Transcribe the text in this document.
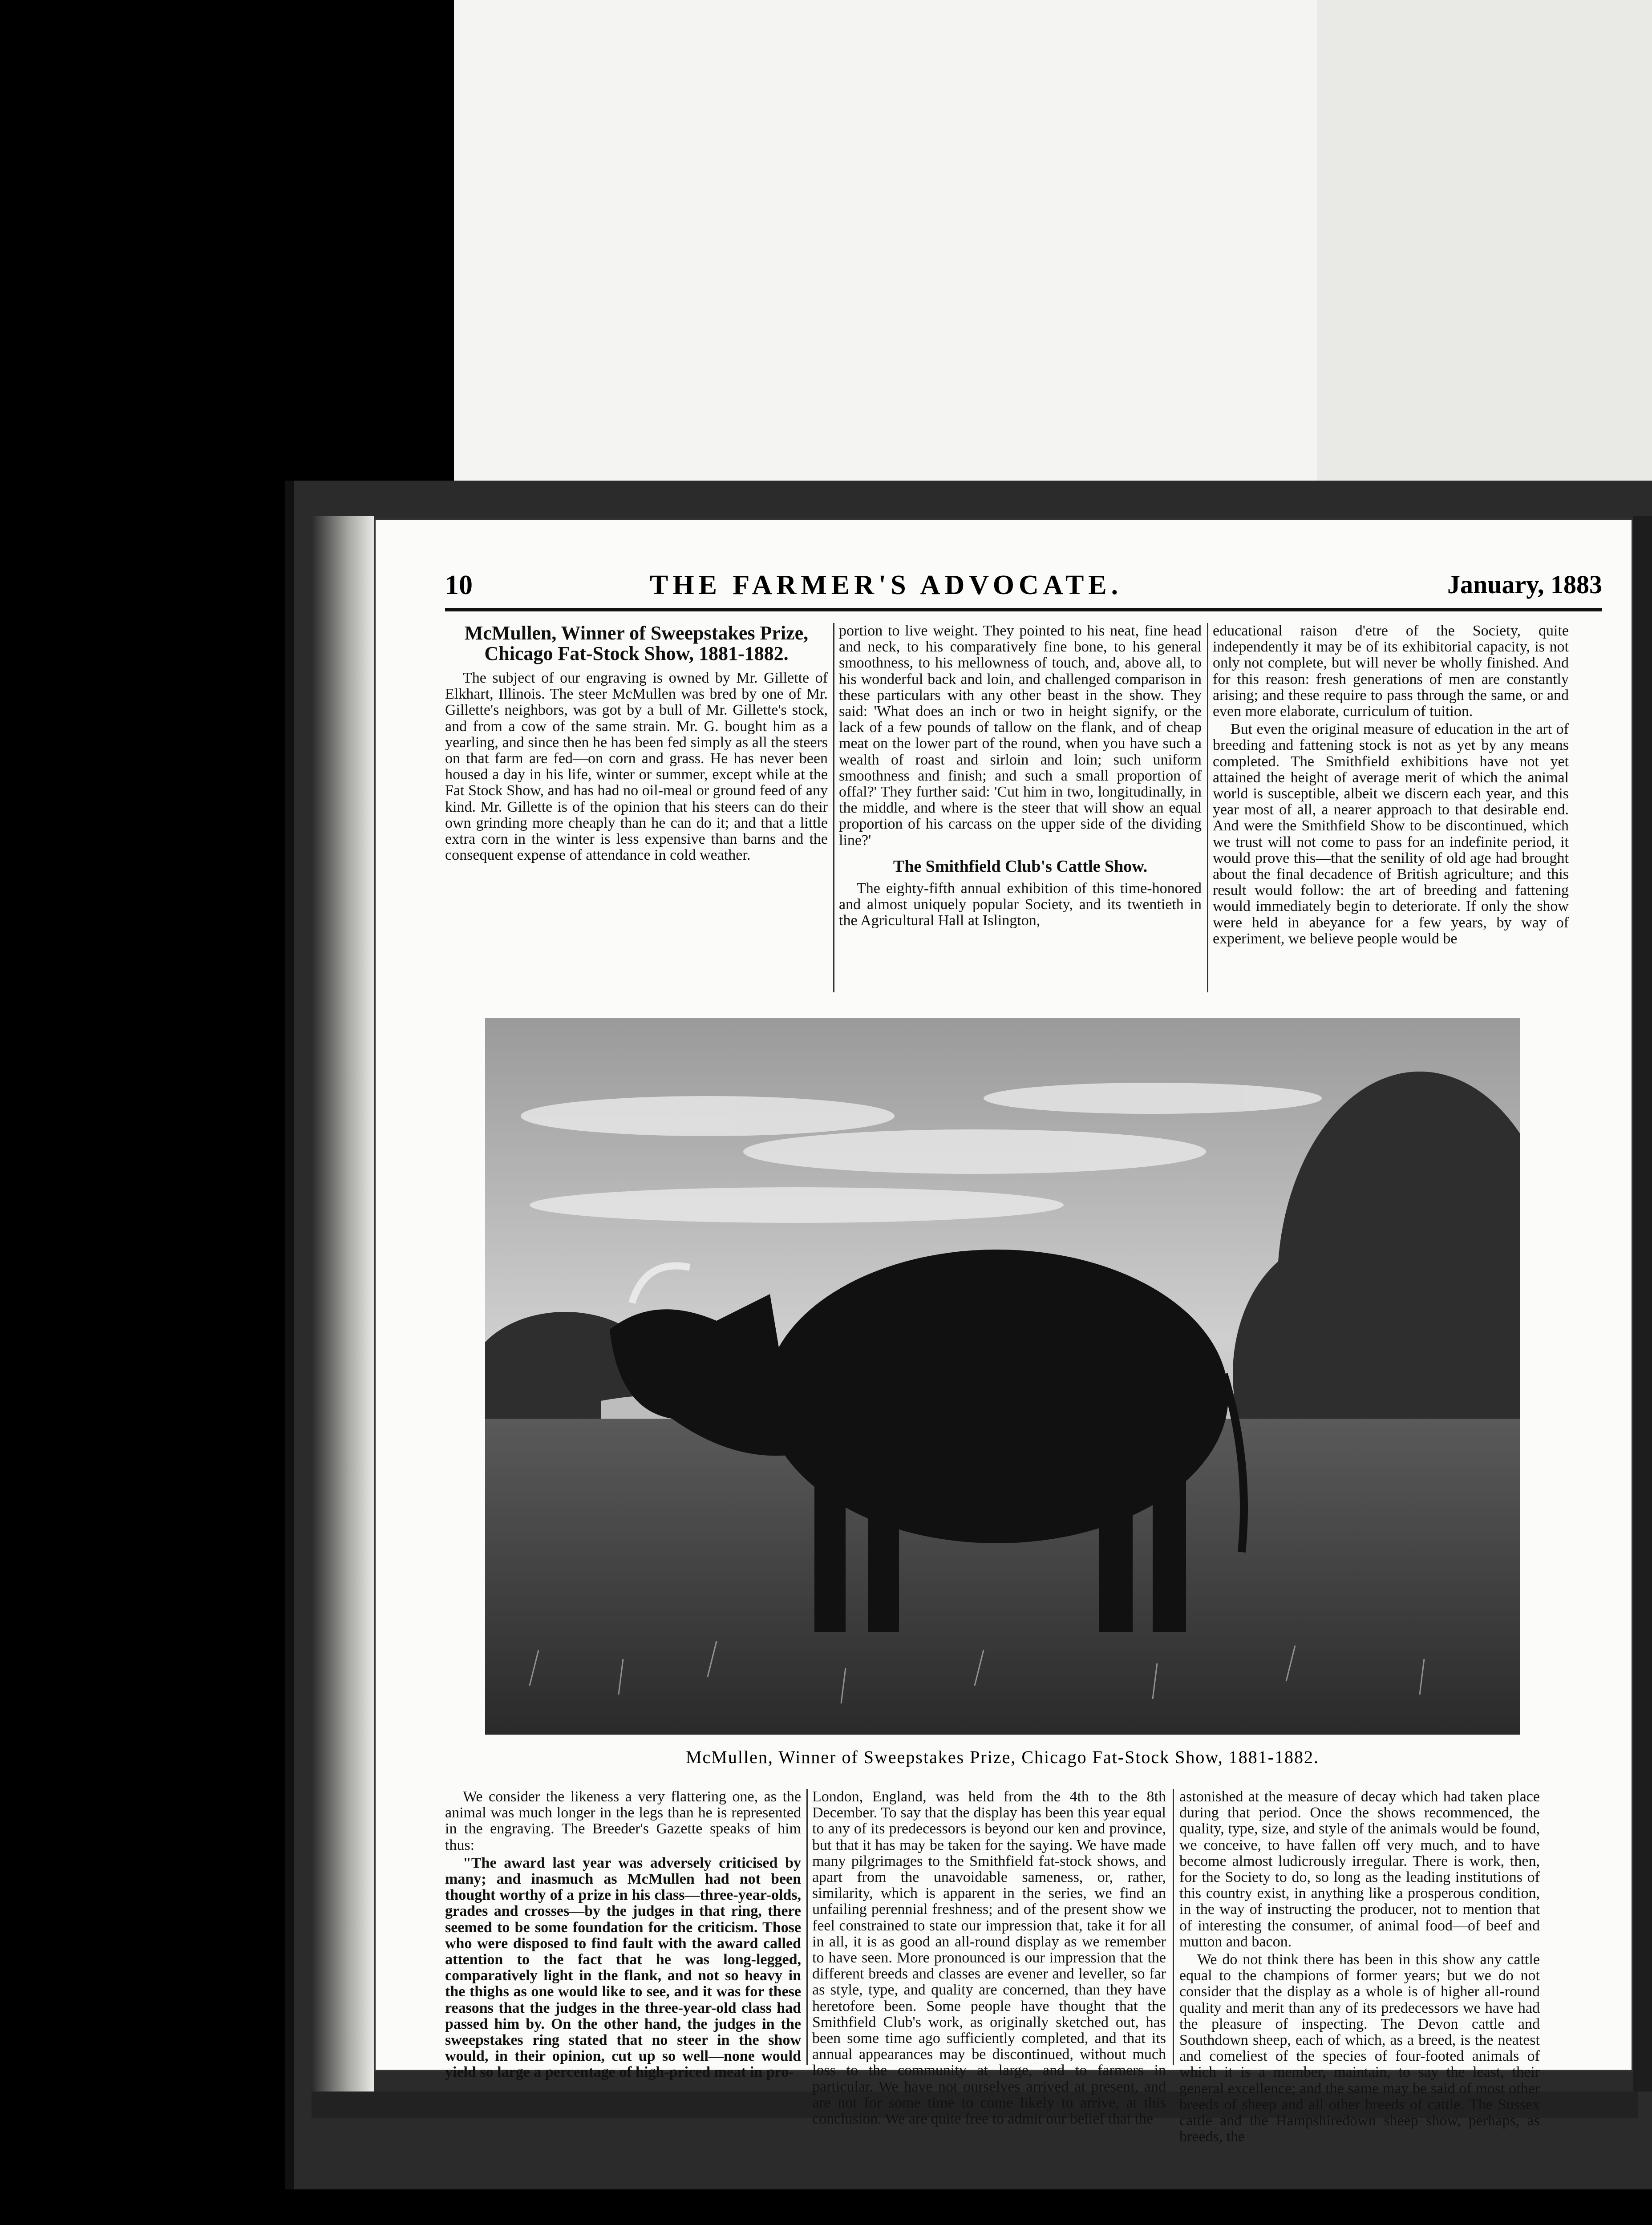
10	THE FARMER'S ADVOCATE.	January, 1883
McMullen, Winner of Sweepstakes Prize, Chicago Fat-Stock Show, 1881-1882.

The subject of our engraving is owned by Mr. Gillette of Elkhart, Illinois. The steer McMullen was bred by one of Mr. Gillette's neighbors, was got by a bull of Mr. Gillette's stock, and from a cow of the same strain. Mr. G. bought him as a yearling, and since then he has been fed simply as all the steers on that farm are fed—on corn and grass. He has never been housed a day in his life, winter or summer, except while at the Fat Stock Show, and has had no oil-meal or ground feed of any kind. Mr. Gillette is of the opinion that his steers can do their own grinding more cheaply than he can do it; and that a little extra corn in the winter is less expensive than barns and the consequent expense of attendance in cold weather.

portion to live weight. They pointed to his neat, fine head and neck, to his comparatively fine bone, to his general smoothness, to his mellowness of touch, and, above all, to his wonderful back and loin, and challenged comparison in these particulars with any other beast in the show. They said: 'What does an inch or two in height signify, or the lack of a few pounds of tallow on the flank, and of cheap meat on the lower part of the round, when you have such a wealth of roast and sirloin and loin; such uniform smoothness and finish; and such a small proportion of offal?' They further said: 'Cut him in two, longitudinally, in the middle, and where is the steer that will show an equal proportion of his carcass on the upper side of the dividing line?'

The Smithfield Club's Cattle Show.

The eighty-fifth annual exhibition of this time-honored and almost uniquely popular Society, and its twentieth in the Agricultural Hall at Islington,

educational raison d'etre of the Society, quite independently it may be of its exhibitorial capacity, is not only not complete, but will never be wholly finished. And for this reason: fresh generations of men are constantly arising; and these require to pass through the same, or and even more elaborate, curriculum of tuition.

But even the original measure of education in the art of breeding and fattening stock is not as yet by any means completed. The Smithfield exhibitions have not yet attained the height of average merit of which the animal world is susceptible, albeit we discern each year, and this year most of all, a nearer approach to that desirable end. And were the Smithfield Show to be discontinued, which we trust will not come to pass for an indefinite period, it would prove this—that the senility of old age had brought about the final decadence of British agriculture; and this result would follow: the art of breeding and fattening would immediately begin to deteriorate. If only the show were held in abeyance for a few years, by way of experiment, we believe people would be

McMullen, Winner of Sweepstakes Prize, Chicago Fat-Stock Show, 1881-1882.

We consider the likeness a very flattering one, as the animal was much longer in the legs than he is represented in the engraving. The Breeder's Gazette speaks of him thus:

"The award last year was adversely criticised by many; and inasmuch as McMullen had not been thought worthy of a prize in his class—three-year-olds, grades and crosses—by the judges in that ring, there seemed to be some foundation for the criticism. Those who were disposed to find fault with the award called attention to the fact that he was long-legged, comparatively light in the flank, and not so heavy in the thighs as one would like to see, and it was for these reasons that the judges in the three-year-old class had passed him by. On the other hand, the judges in the sweepstakes ring stated that no steer in the show would, in their opinion, cut up so well—none would yield so large a percentage of high-priced meat in pro-

London, England, was held from the 4th to the 8th December. To say that the display has been this year equal to any of its predecessors is beyond our ken and province, but that it has may be taken for the saying. We have made many pilgrimages to the Smithfield fat-stock shows, and apart from the unavoidable sameness, or, rather, similarity, which is apparent in the series, we find an unfailing perennial freshness; and of the present show we feel constrained to state our impression that, take it for all in all, it is as good an all-round display as we remember to have seen. More pronounced is our impression that the different breeds and classes are evener and leveller, so far as style, type, and quality are concerned, than they have heretofore been. Some people have thought that the Smithfield Club's work, as originally sketched out, has been some time ago sufficiently completed, and that its annual appearances may be discontinued, without much loss to the community at large, and to farmers in particular. We have not ourselves arrived at present, and are not for some time to come likely to arrive, at this conclusion. We are quite free to admit our belief that the

astonished at the measure of decay which had taken place during that period. Once the shows recommenced, the quality, type, size, and style of the animals would be found, we conceive, to have fallen off very much, and to have become almost ludicrously irregular. There is work, then, for the Society to do, so long as the leading institutions of this country exist, in anything like a prosperous condition, in the way of instructing the producer, not to mention that of interesting the consumer, of animal food—of beef and mutton and bacon.

We do not think there has been in this show any cattle equal to the champions of former years; but we do not consider that the display as a whole is of higher all-round quality and merit than any of its predecessors we have had the pleasure of inspecting. The Devon cattle and Southdown sheep, each of which, as a breed, is the neatest and comeliest of the species of four-footed animals of which it is a member, maintain, to say the least, their general excellence; and the same may be said of most other breeds of sheep and all other breeds of cattle. The Sussex cattle and the Hampshiredown sheep show, perhaps, as breeds, the
